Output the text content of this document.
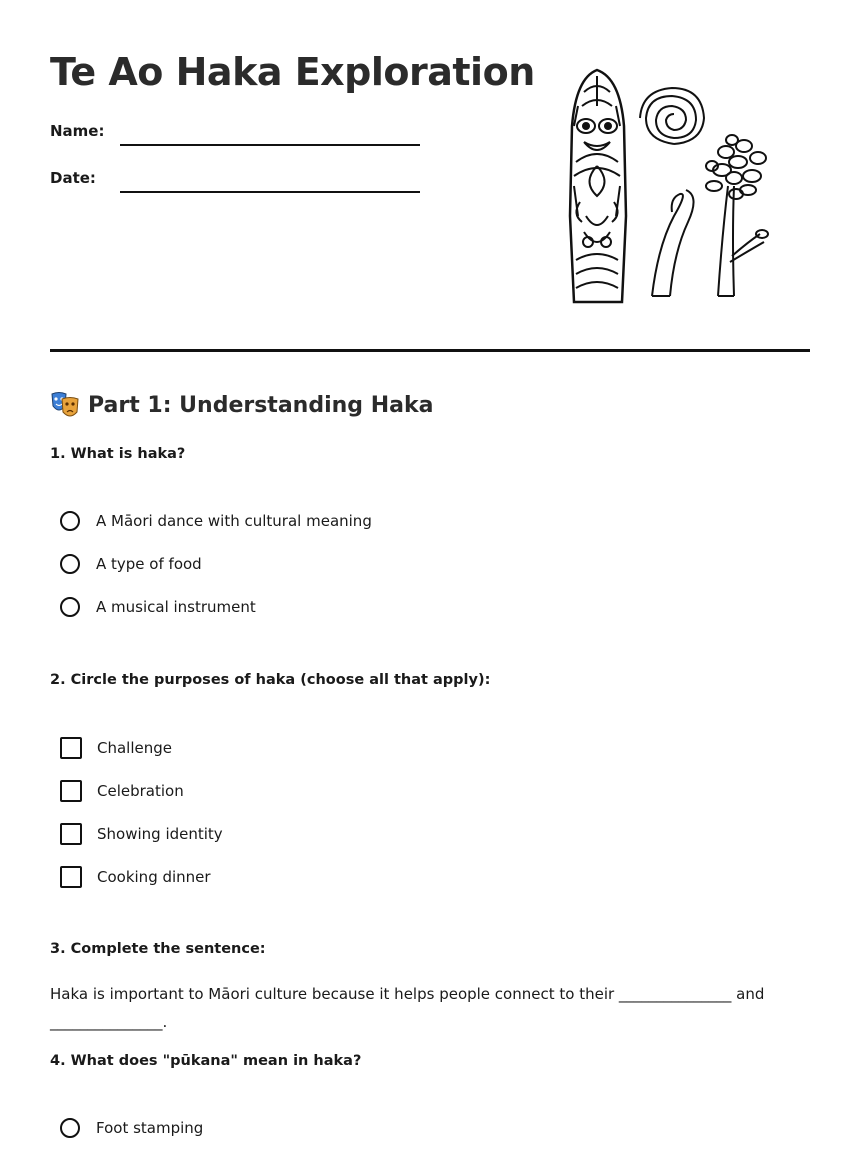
Te Ao Haka Exploration
Name:
Date:
Part 1: Understanding Haka

1. What is haka?

A Māori dance with cultural meaning
A type of food
A musical instrument

2. Circle the purposes of haka (choose all that apply):

Challenge
Celebration
Showing identity
Cooking dinner

3. Complete the sentence:

Haka is important to Māori culture because it helps people connect to their _______________ and _______________.

4. What does "pūkana" mean in haka?

Foot stamping
